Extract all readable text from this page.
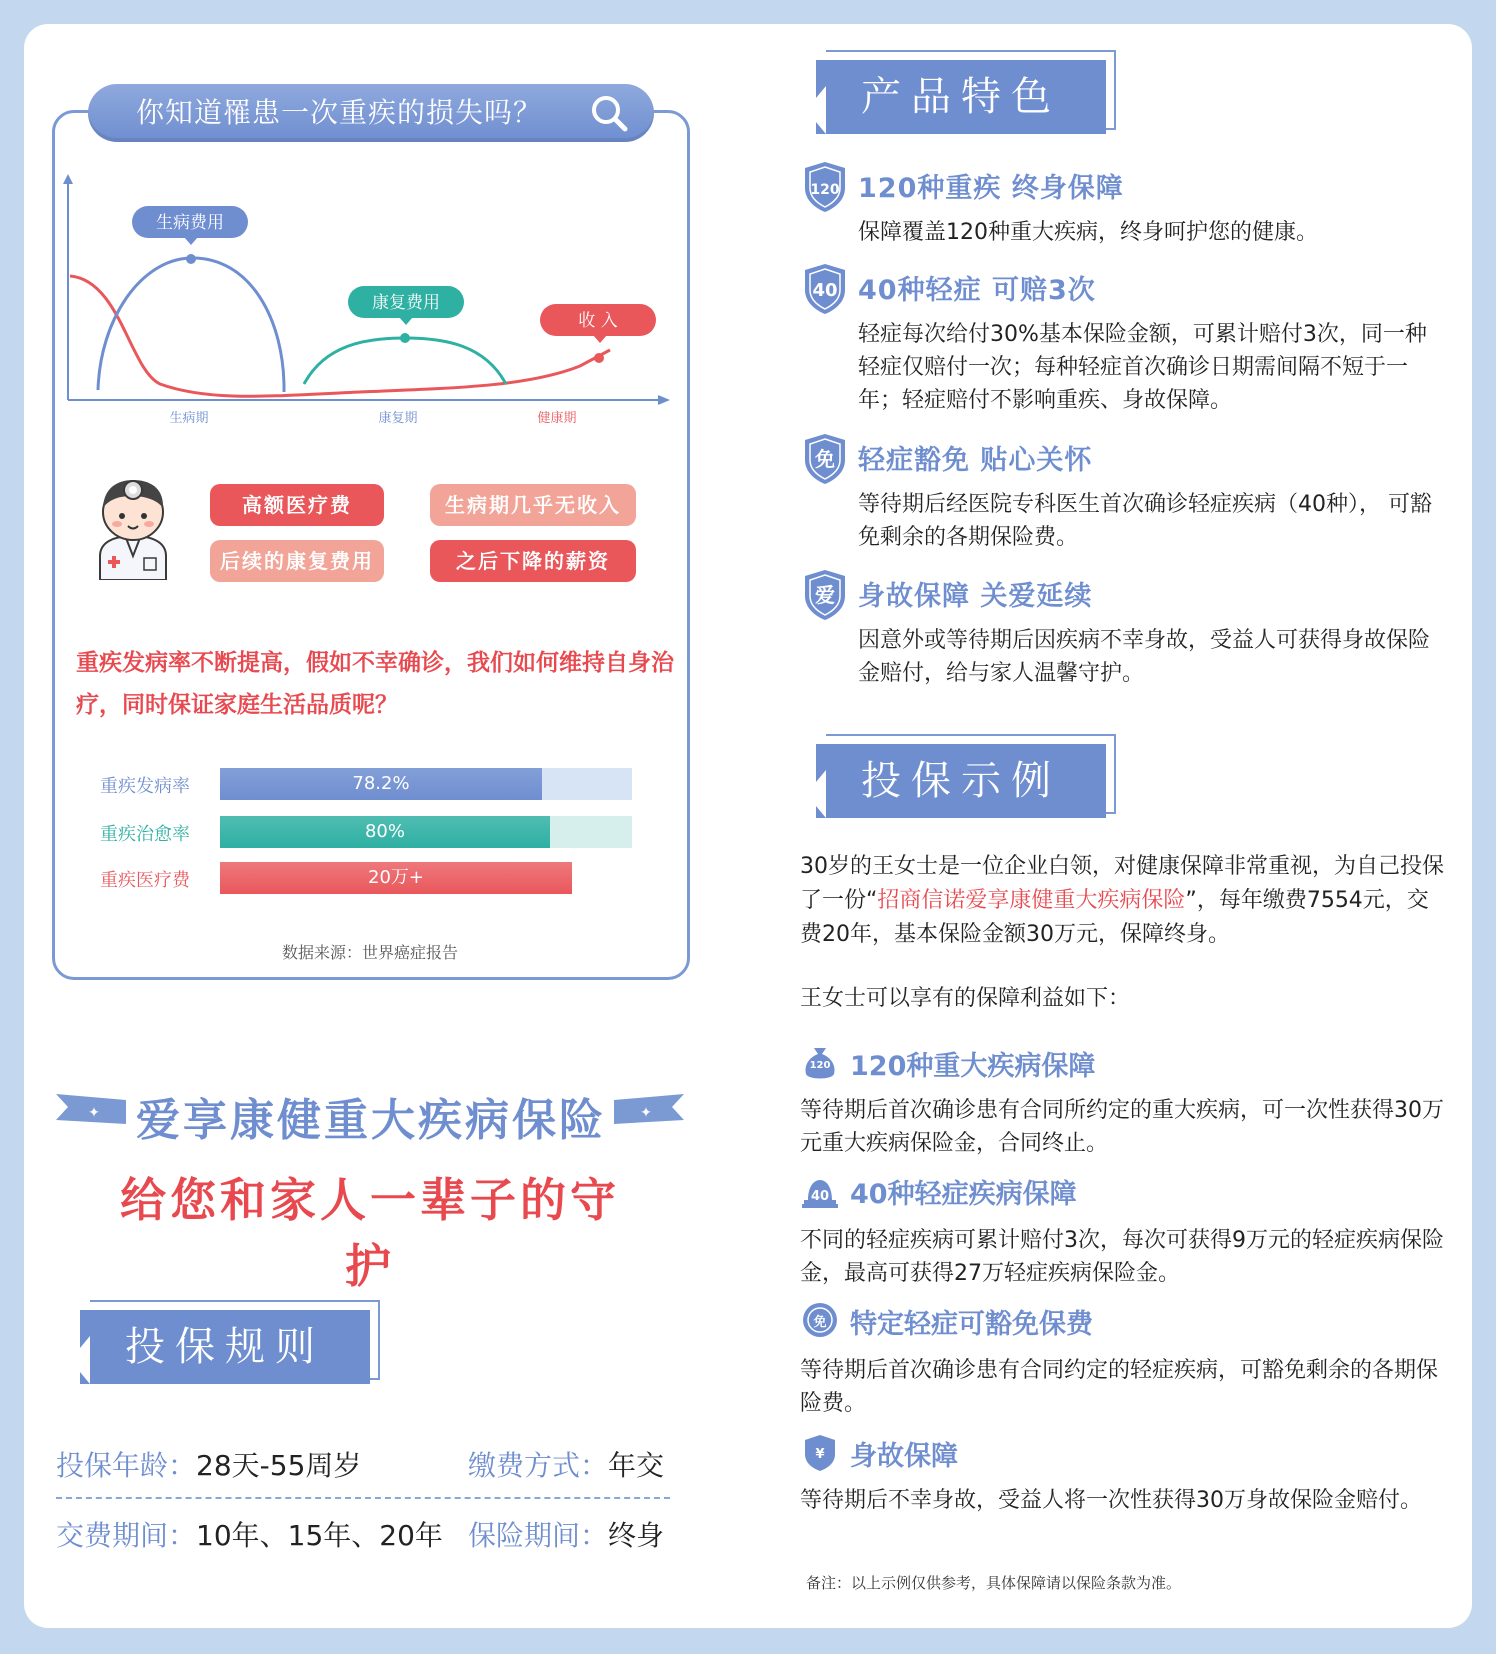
你知道罹患一次重疾的损失吗？
生病费用
康复费用
收 入
生病期	康复期	健康期
高额医疗费	生病期几乎无收入
后续的康复费用	之后下降的薪资
重疾发病率不断提高，假如不幸确诊，我们如何维持自身治疗，同时保证家庭生活品质呢？
重疾发病率	78.2%
重疾治愈率	80%
重疾医疗费	20万+
数据来源：世界癌症报告
✦	✦
爱享康健重大疾病保险
给您和家人一辈子的守护
投保规则
投保年龄：28天-55周岁	缴费方式：年交
交费期间：10年、15年、20年 保险期间：终身
产品特色
120 120种重疾 终身保障
保障覆盖120种重大疾病，终身呵护您的健康。
40 40种轻症 可赔3次
轻症每次给付30%基本保险金额，可累计赔付3次，同一种轻症仅赔付一次；每种轻症首次确诊日期需间隔不短于一年；轻症赔付不影响重疾、身故保障。
免 轻症豁免 贴心关怀
等待期后经医院专科医生首次确诊轻症疾病（40种）， 可豁免剩余的各期保险费。
爱 身故保障 关爱延续
因意外或等待期后因疾病不幸身故，受益人可获得身故保险金赔付，给与家人温馨守护。
投保示例
30岁的王女士是一位企业白领，对健康保障非常重视，为自己投保了一份“招商信诺爱享康健重大疾病保险”，每年缴费7554元，交费20年，基本保险金额30万元，保障终身。
王女士可以享有的保障利益如下：
120 120种重大疾病保障
等待期后首次确诊患有合同所约定的重大疾病，可一次性获得30万元重大疾病保险金，合同终止。
40 40种轻症疾病保障
不同的轻症疾病可累计赔付3次，每次可获得9万元的轻症疾病保险金，最高可获得27万轻症疾病保险金。
免 特定轻症可豁免保费
等待期后首次确诊患有合同约定的轻症疾病，可豁免剩余的各期保险费。
¥ 身故保障
等待期后不幸身故，受益人将一次性获得30万身故保险金赔付。
备注：以上示例仅供参考，具体保障请以保险条款为准。
